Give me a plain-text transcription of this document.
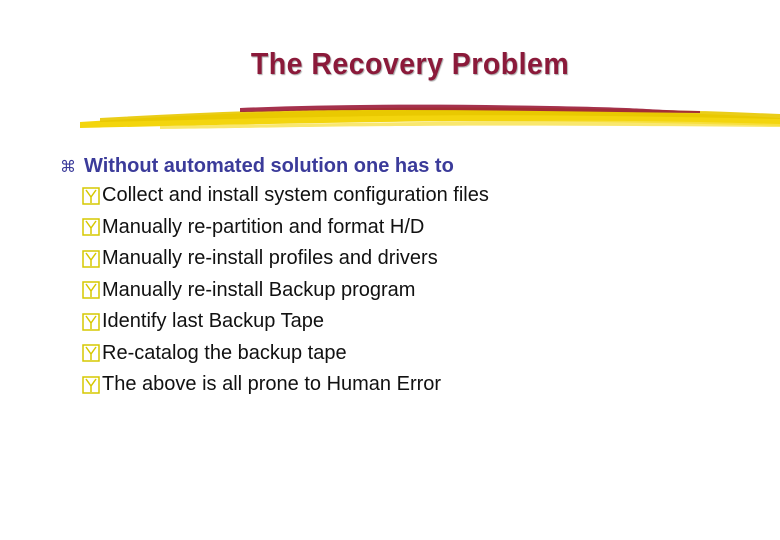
The Recovery Problem
⌘ Without automated solution one has to
Collect and install system configuration files
Manually re-partition and format H/D
Manually re-install profiles and drivers
Manually re-install Backup program
Identify last Backup Tape
Re-catalog the backup tape
The above is all prone to Human Error
